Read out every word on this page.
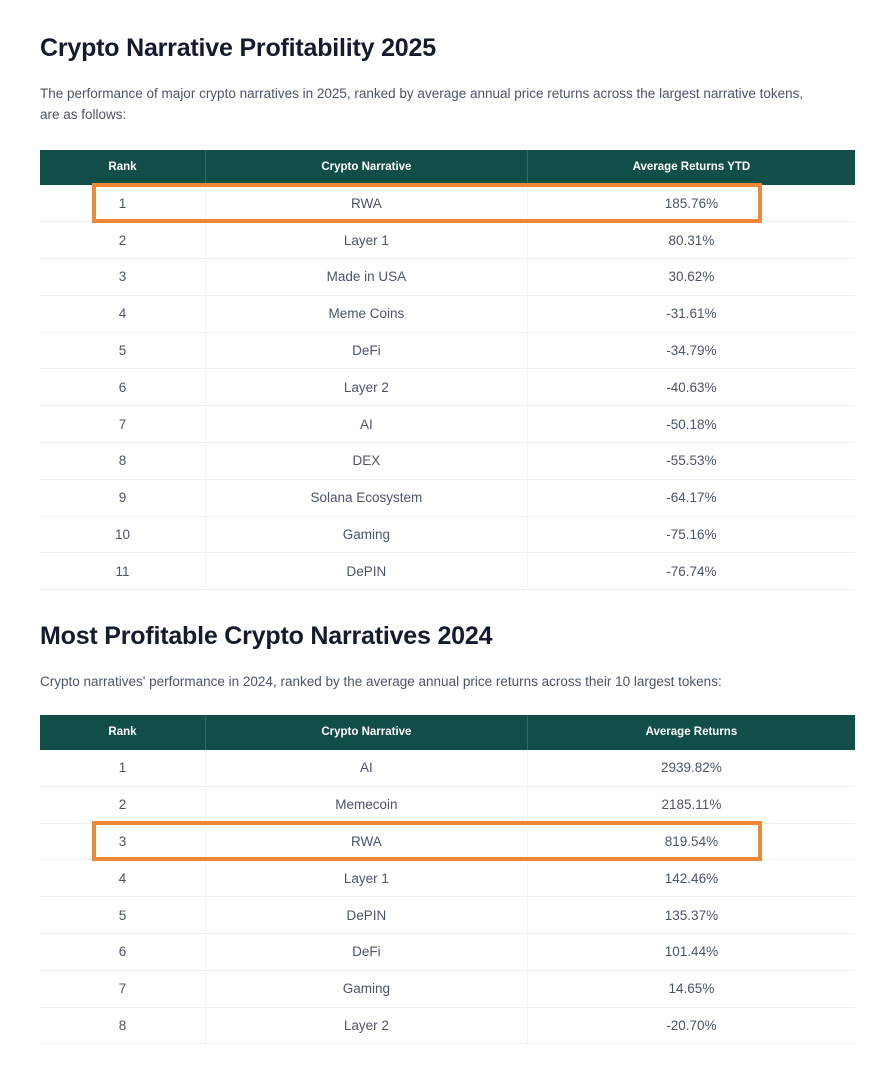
Crypto Narrative Profitability 2025

The performance of major crypto narratives in 2025, ranked by average annual price returns across the largest narrative tokens, are as follows:

Rank	Crypto Narrative	Average Returns YTD
1	RWA	185.76%
2	Layer 1	80.31%
3	Made in USA	30.62%
4	Meme Coins	-31.61%
5	DeFi	-34.79%
6	Layer 2	-40.63%
7	AI	-50.18%
8	DEX	-55.53%
9	Solana Ecosystem	-64.17%
10	Gaming	-75.16%
11	DePIN	-76.74%
Most Profitable Crypto Narratives 2024

Crypto narratives' performance in 2024, ranked by the average annual price returns across their 10 largest tokens:

Rank	Crypto Narrative	Average Returns
1	AI	2939.82%
2	Memecoin	2185.11%
3	RWA	819.54%
4	Layer 1	142.46%
5	DePIN	135.37%
6	DeFi	101.44%
7	Gaming	14.65%
8	Layer 2	-20.70%
